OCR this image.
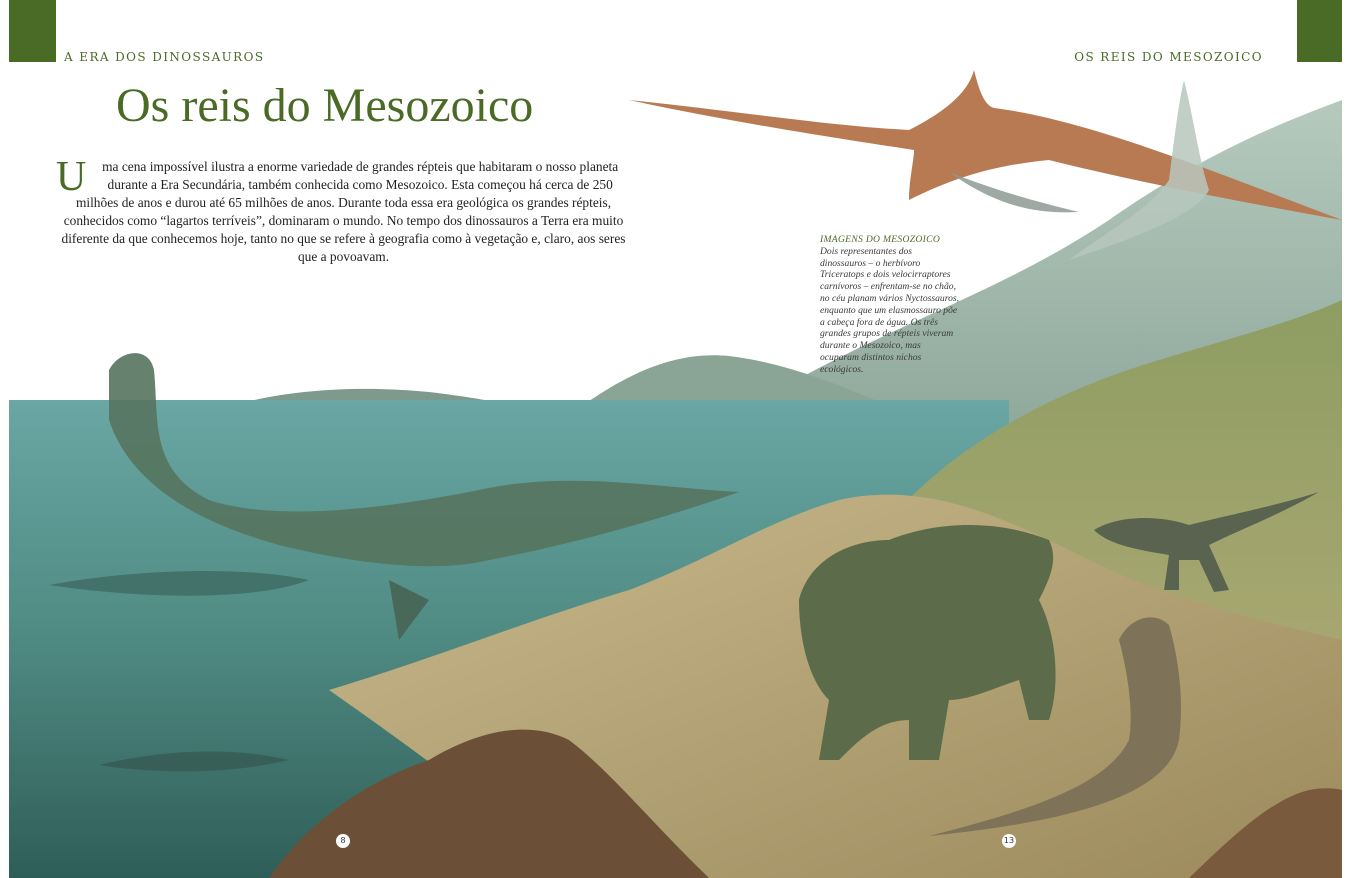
A ERA DOS DINOSSAUROS	OS REIS DO MESOZOICO
Os reis do Mesozoico

U ma cena impossível ilustra a enorme variedade de grandes répteis que habitaram o nosso planeta durante a Era Secundária, também conhecida como Mesozoico. Esta começou há cerca de 250 milhões de anos e durou até 65 milhões de anos. Durante toda essa era geológica os grandes répteis, conhecidos como “lagartos terríveis”, dominaram o mundo. No tempo dos dinossauros a Terra era muito diferente da que conhecemos hoje, tanto no que se refere à geografia como à vegetação e, claro, aos seres que a povoavam.

IMAGENS DO MESOZOICO
Dois representantes dos dinossauros – o herbívoro Triceratops e dois velocirraptores carnívoros – enfrentam-se no chão, no céu planam vários Nyctossauros, enquanto que um elasmossauro põe a cabeça fora de água. Os três grandes grupos de répteis viveram durante o Mesozoico, mas ocuparam distintos nichos ecológicos.
8	13
